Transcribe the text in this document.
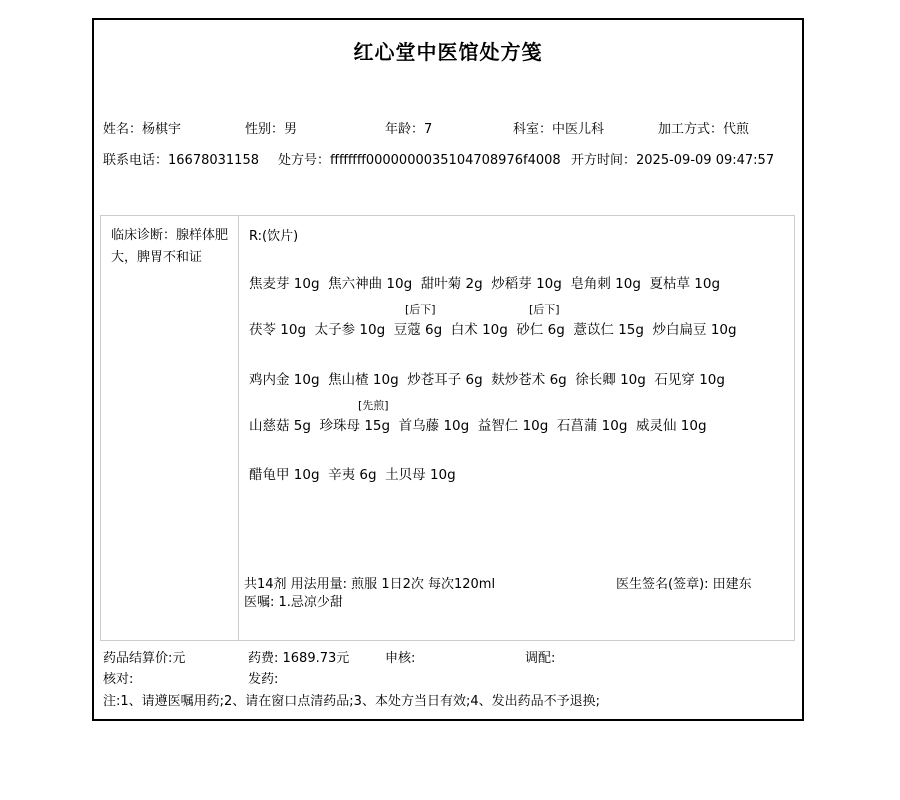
红心堂中医馆处方笺
姓名：杨棋宇	性别：男	年龄：7	科室：中医儿科	加工方式：代煎
联系电话：16678031158 处方号：ffffffff0000000035104708976f4008 开方时间：2025-09-09 09:47:57
临床诊断：腺样体肥大，脾胃不和证
R:(饮片)
焦麦芽 10g  焦六神曲 10g  甜叶菊 2g  炒稻芽 10g  皂角刺 10g  夏枯草 10g
[后下]	[后下]
茯苓 10g  太子参 10g  豆蔻 6g  白术 10g  砂仁 6g  薏苡仁 15g  炒白扁豆 10g
鸡内金 10g  焦山楂 10g  炒苍耳子 6g  麸炒苍术 6g  徐长卿 10g  石见穿 10g
[先煎]
山慈菇 5g  珍珠母 15g  首乌藤 10g  益智仁 10g  石菖蒲 10g  威灵仙 10g
醋龟甲 10g  辛夷 6g  土贝母 10g
共14剂 用法用量: 煎服 1日2次 每次120ml	医生签名(签章): 田建东
医嘱: 1.忌凉少甜
药品结算价:元	药费: 1689.73元	申核:	调配:
核对:	发药:
注:1、请遵医嘱用药;2、请在窗口点清药品;3、本处方当日有效;4、发出药品不予退换;
